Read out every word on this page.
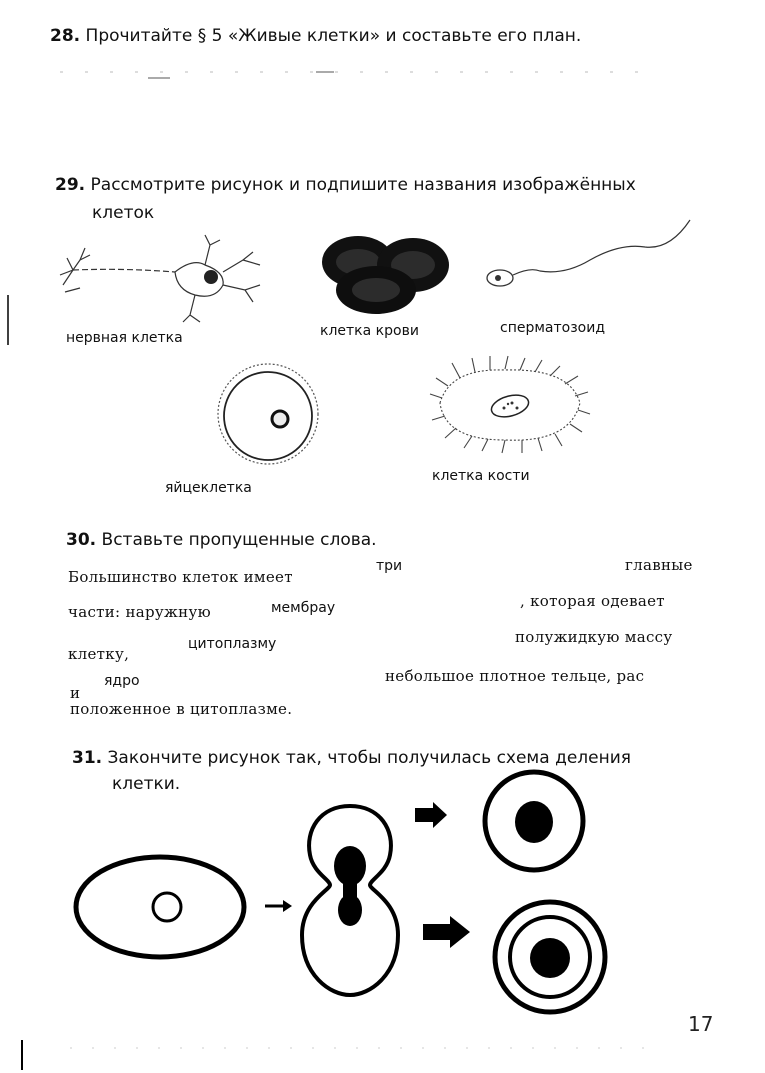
28. Прочитайте § 5 «Живые клетки» и составьте его план.
29. Рассмотрите рисунок и подпишите названия изображённых
клеток
нервная клетка	клетка крови	сперматозоид
яйцеклетка
клетка кости
30. Вставьте пропущенные слова.
Большинство клеток имеет
три	главные
части: наружную	мембрау	, которая одевает
клетку,
цитоплазму	полужидкую массу
и
ядро	небольшое плотное тельце, рас
положенное в цитоплазме.
31. Закончите рисунок так, чтобы получилась схема деления
клетки.
17
